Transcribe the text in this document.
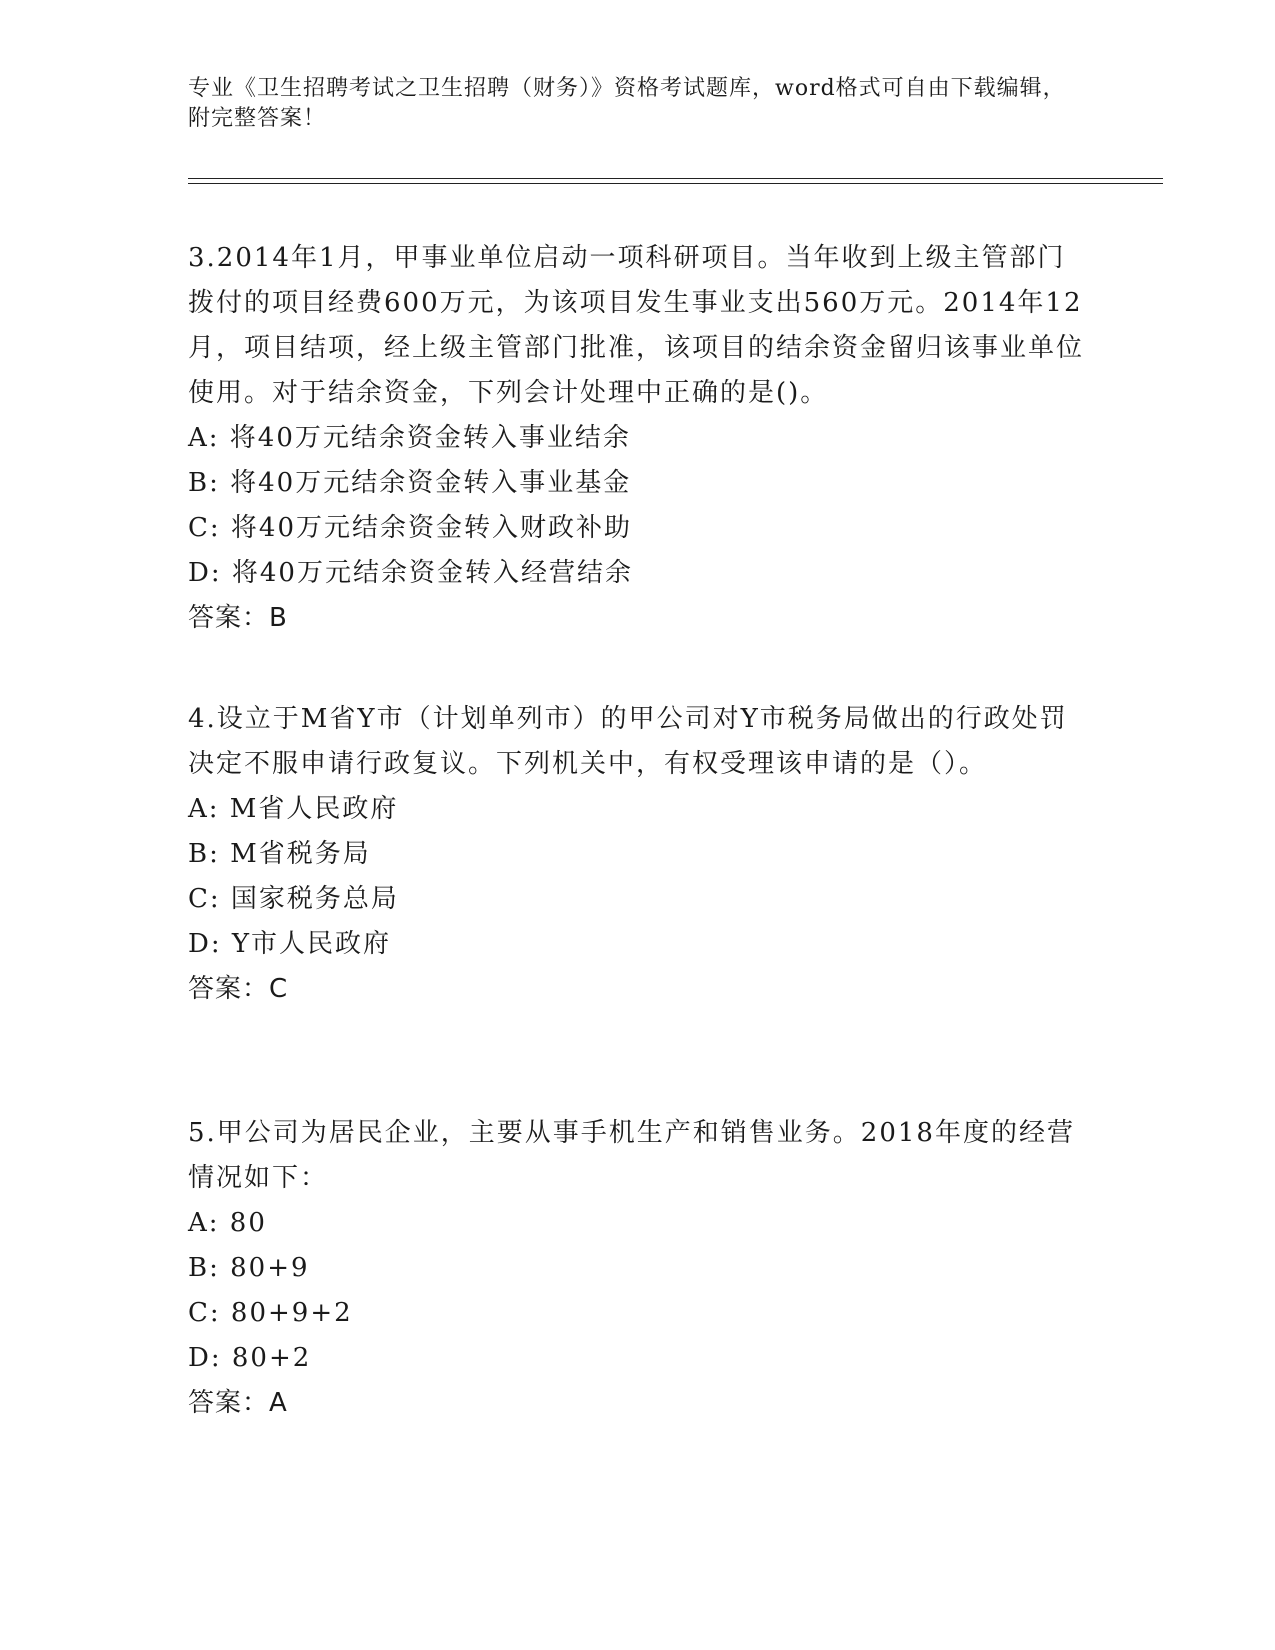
专业《卫生招聘考试之卫生招聘（财务）》资格考试题库，word格式可自由下载编辑，附完整答案！

3.2014年1月，甲事业单位启动一项科研项目。当年收到上级主管部门拨付的项目经费600万元，为该项目发生事业支出560万元。2014年12月，项目结项，经上级主管部门批准，该项目的结余资金留归该事业单位使用。对于结余资金，下列会计处理中正确的是()。

A: 将40万元结余资金转入事业结余

B: 将40万元结余资金转入事业基金

C: 将40万元结余资金转入财政补助

D: 将40万元结余资金转入经营结余

答案：B

4.设立于M省Y市（计划单列市）的甲公司对Y市税务局做出的行政处罚决定不服申请行政复议。下列机关中，有权受理该申请的是（）。

A: M省人民政府

B: M省税务局

C: 国家税务总局

D: Y市人民政府

答案：C

5.甲公司为居民企业，主要从事手机生产和销售业务。2018年度的经营情况如下：

A: 80

B: 80+9

C: 80+9+2

D: 80+2

答案：A
